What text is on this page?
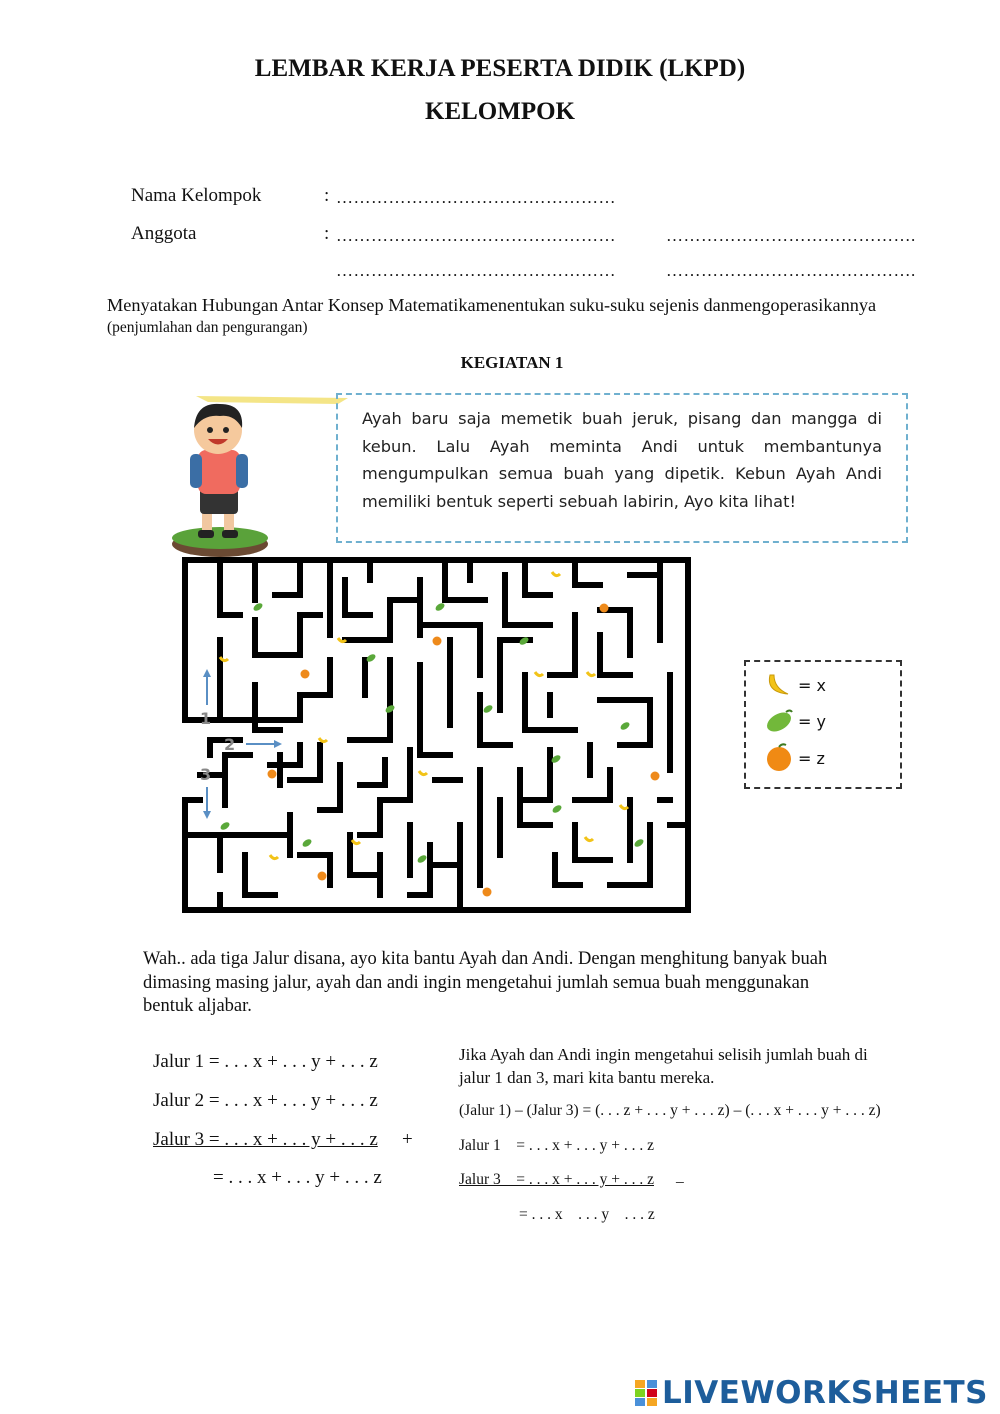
LEMBAR KERJA PESERTA DIDIK (LKPD)
KELOMPOK
Nama Kelompok	: …………………………………………
Anggota	: …………………………………………	…………………………………….
…………………………………………	…………………………………….
Menyatakan Hubungan Antar Konsep Matematikamenentukan suku-suku sejenis danmengoperasikannya
(penjumlahan dan pengurangan)
KEGIATAN 1
Ayah baru saja memetik buah jeruk, pisang dan mangga di kebun. Lalu Ayah meminta Andi untuk membantunya mengumpulkan semua buah yang dipetik. Kebun Ayah Andi memiliki bentuk seperti sebuah labirin, Ayo kita lihat!
1
2
3
= x
= y
= z
Wah.. ada tiga Jalur disana, ayo kita bantu Ayah dan Andi. Dengan menghitung banyak buah
dimasing masing jalur, ayah dan andi ingin mengetahui jumlah semua buah menggunakan
bentuk aljabar.
Jalur 1 = . . . x + . . . y + . . . z
Jalur 2 = . . . x + . . . y + . . . z
Jalur 3 = . . . x + . . . y + . . . z +
= . . . x + . . . y + . . . z
Jika Ayah dan Andi ingin mengetahui selisih jumlah buah di
jalur 1 dan 3, mari kita bantu mereka.
(Jalur 1) – (Jalur 3) = (. . . z + . . . y + . . . z) – (. . . x + . . . y + . . . z)
Jalur 1    = . . . x + . . . y + . . . z
Jalur 3    = . . . x + . . . y + . . . z _
= . . . x    . . . y    . . . z
LIVEWORKSHEETS
